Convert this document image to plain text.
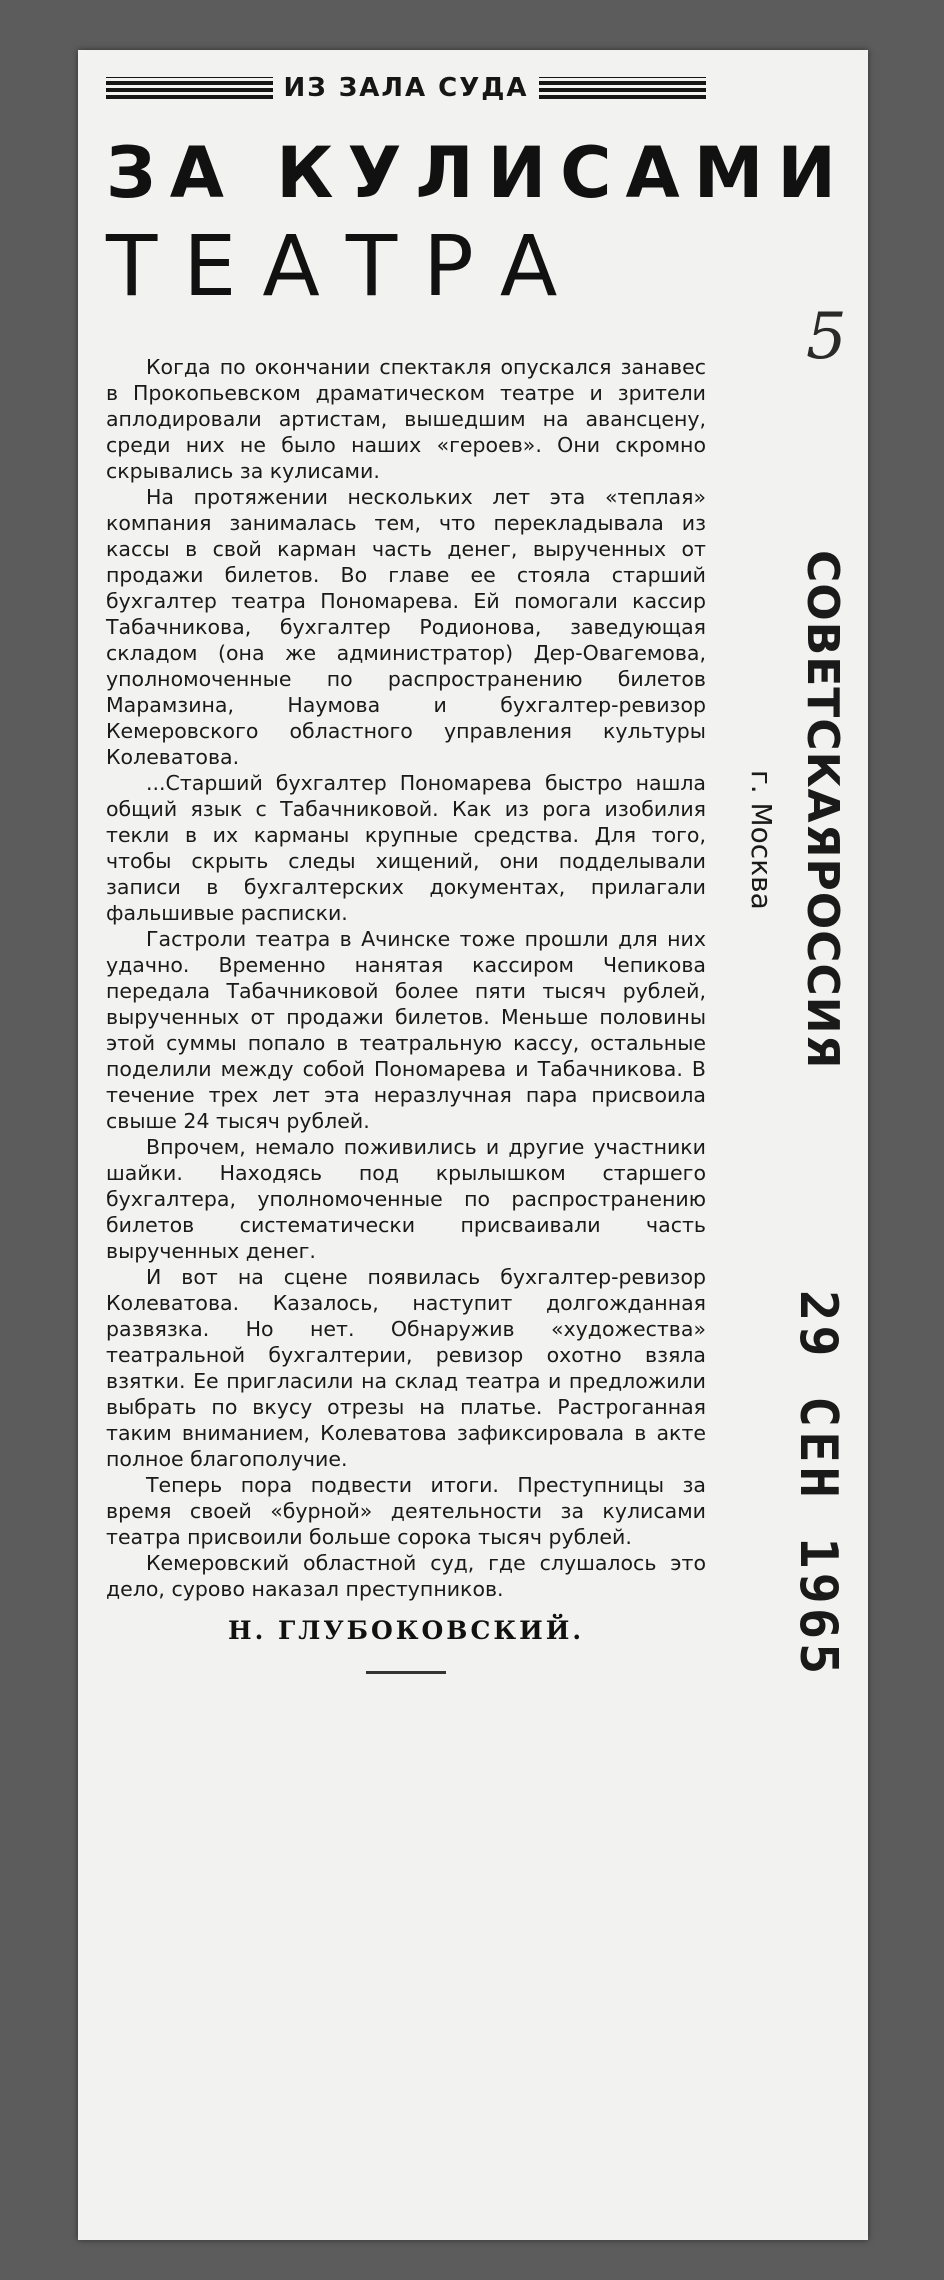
ИЗ ЗАЛА СУДА
ЗА КУЛИСАМИ
ТЕАТРА

Когда по окончании спектакля опускался занавес в Прокопьевском драматическом театре и зрители аплодировали артистам, вышедшим на авансцену, среди них не было наших «героев». Они скромно скрывались за кулисами.

На протяжении нескольких лет эта «теплая» компания занималась тем, что перекладывала из кассы в свой карман часть денег, вырученных от продажи билетов. Во главе ее стояла старший бухгалтер театра Пономарева. Ей помогали кассир Табачникова, бухгалтер Родионова, заведующая складом (она же администратор) Дер-Овагемова, уполномоченные по распространению билетов Марамзина, Наумова и бухгалтер-ревизор Кемеровского областного управления культуры Колеватова.

...Старший бухгалтер Пономарева быстро нашла общий язык с Табачниковой. Как из рога изобилия текли в их карманы крупные средства. Для того, чтобы скрыть следы хищений, они подделывали записи в бухгалтерских документах, прилагали фальшивые расписки.

Гастроли театра в Ачинске тоже прошли для них удачно. Временно нанятая кассиром Чепикова передала Табачниковой более пяти тысяч рублей, вырученных от продажи билетов. Меньше половины этой суммы попало в театральную кассу, остальные поделили между собой Пономарева и Табачникова. В течение трех лет эта неразлучная пара присвоила свыше 24 тысяч рублей.

Впрочем, немало поживились и другие участники шайки. Находясь под крылышком старшего бухгалтера, уполномоченные по распространению билетов систематически присваивали часть вырученных денег.

И вот на сцене появилась бухгалтер-ревизор Колеватова. Казалось, наступит долгожданная развязка. Но нет. Обнаружив «художества» театральной бухгалтерии, ревизор охотно взяла взятки. Ее пригласили на склад театра и предложили выбрать по вкусу отрезы на платье. Растроганная таким вниманием, Колеватова зафиксировала в акте полное благополучие.

Теперь пора подвести итоги. Преступницы за время своей «бурной» деятельности за кулисами театра присвоили больше сорока тысяч рублей.

Кемеровский областной суд, где слушалось это дело, сурово наказал преступников.

Н. ГЛУБОКОВСКИЙ.
5
СОВЕТСКАЯРОССИЯ
г. Москва
29 СЕН 1965
